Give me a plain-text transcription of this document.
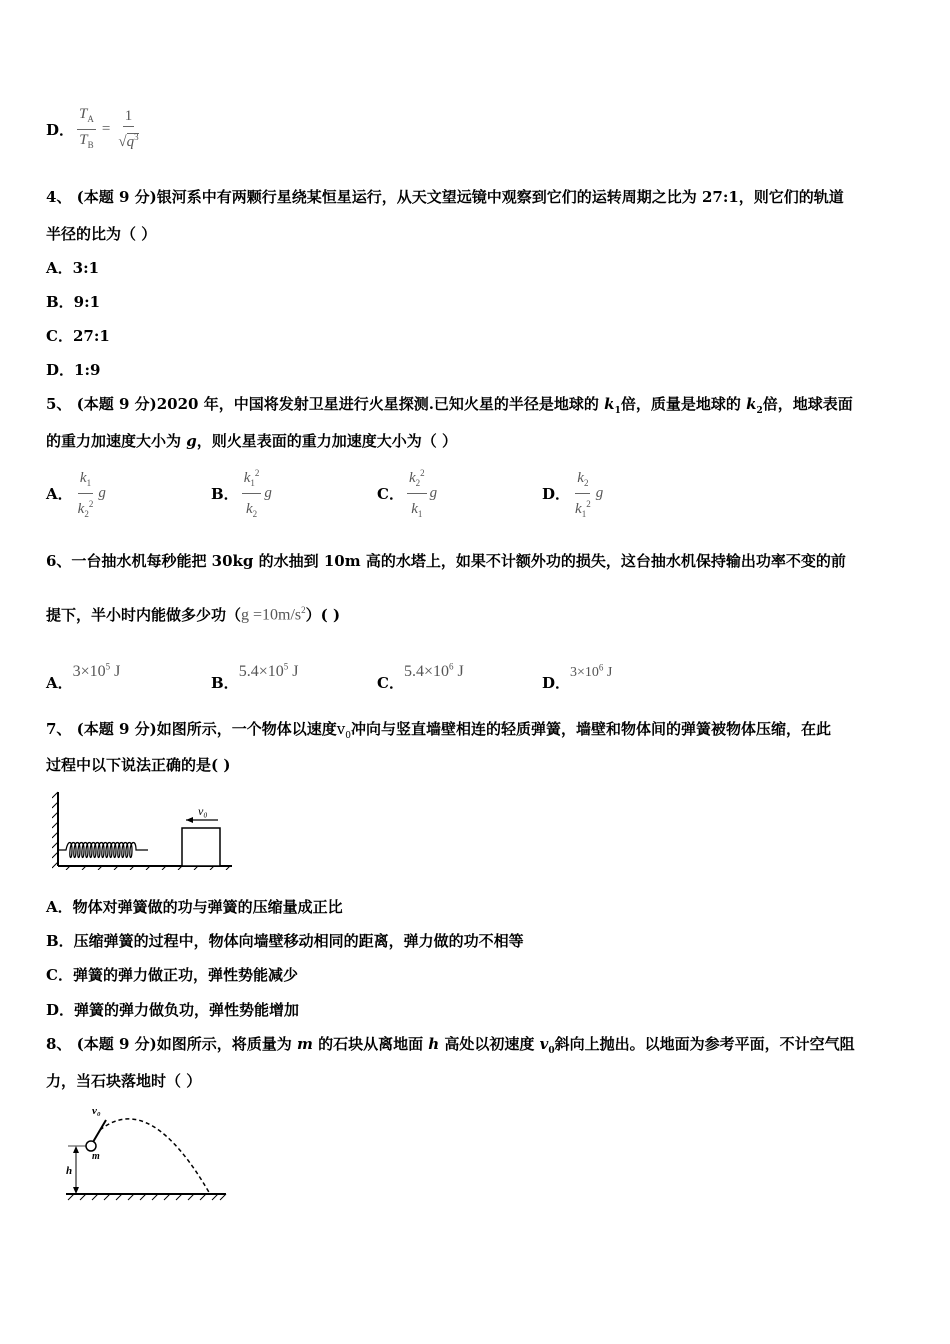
D． $\frac{T_A}{T_B} = \frac{1}{√q^3}$
4、 (本题 9 分)银河系中有两颗行星绕某恒星运行，从天文望远镜中观察到它们的运转周期之比为 27:1，则它们的轨道
半径的比为（ ）
A．3:1
B．9:1
C．27:1
D．1:9
5、 (本题 9 分)2020 年，中国将发射卫星进行火星探测.已知火星的半径是地球的 $k_1$倍，质量是地球的 $k_2$倍，地球表面
的重力加速度大小为 g，则火星表面的重力加速度大小为（ ）
A． $\frac{k_1}{k_2^2}$ g	B． $\frac{k_1^2}{k_2}$ g	C． $\frac{k_2^2}{k_1}$ g	D． $\frac{k_2}{k_1^2}$ g
6、一台抽水机每秒能把 30kg 的水抽到 10m 高的水塔上，如果不计额外功的损失，这台抽水机保持输出功率不变的前
提下，半小时内能做多少功（ $g =10m/s^2$ ）( )
A．$3\times 10^5$ J
B．$5.4\times 10^5$ J
C．$5.4\times 10^6$ J
D．$3\times 10^6$ J
7、 (本题 9 分)如图所示，一个物体以速度$v_0$冲向与竖直墙壁相连的轻质弹簧，墙壁和物体间的弹簧被物体压缩，在此
过程中以下说法正确的是( )
v₀
A．物体对弹簧做的功与弹簧的压缩量成正比
B．压缩弹簧的过程中，物体向墙壁移动相同的距离，弹力做的功不相等
C．弹簧的弹力做正功，弹性势能减少
D．弹簧的弹力做负功，弹性势能增加
8、 (本题 9 分)如图所示，将质量为 m 的石块从离地面 h 高处以初速度 $v_0$斜向上抛出。以地面为参考平面，不计空气阻
力，当石块落地时（ ）
h
v₀
m
